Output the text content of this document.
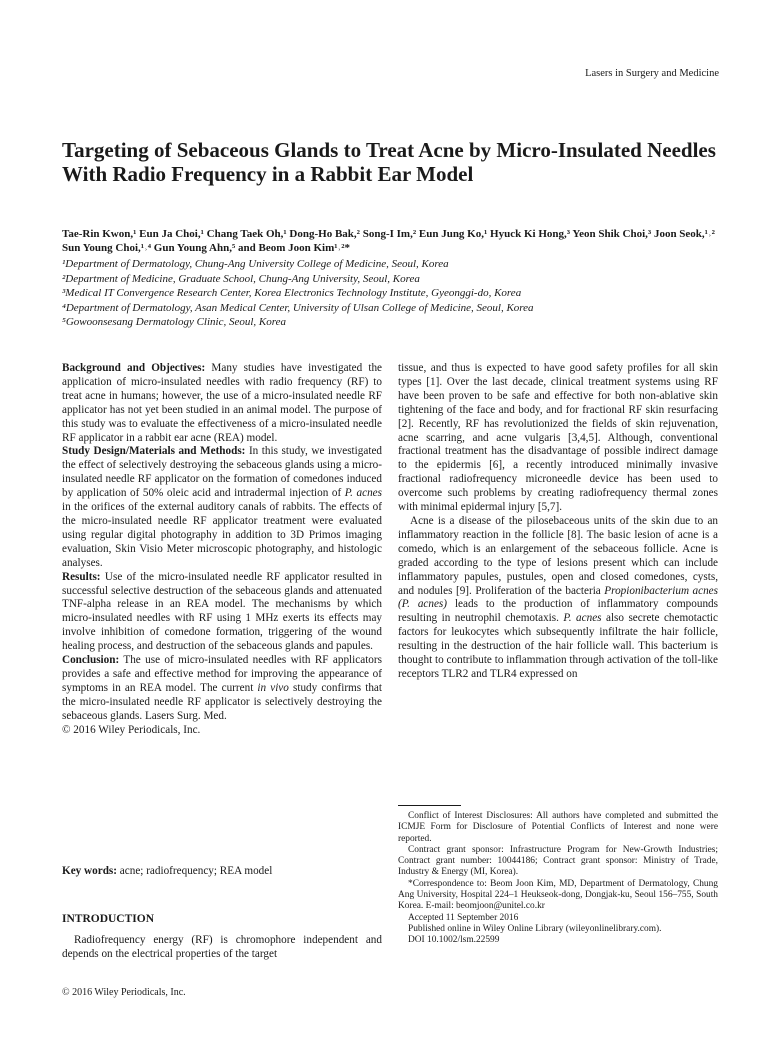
Lasers in Surgery and Medicine
Targeting of Sebaceous Glands to Treat Acne by Micro-Insulated Needles With Radio Frequency in a Rabbit Ear Model
Tae-Rin Kwon,¹ Eun Ja Choi,¹ Chang Taek Oh,¹ Dong-Ho Bak,² Song-I Im,² Eun Jung Ko,¹ Hyuck Ki Hong,³ Yeon Shik Choi,³ Joon Seok,¹˒² Sun Young Choi,¹˒⁴ Gun Young Ahn,⁵ and Beom Joon Kim¹˒²*
¹Department of Dermatology, Chung-Ang University College of Medicine, Seoul, Korea
²Department of Medicine, Graduate School, Chung-Ang University, Seoul, Korea
³Medical IT Convergence Research Center, Korea Electronics Technology Institute, Gyeonggi-do, Korea
⁴Department of Dermatology, Asan Medical Center, University of Ulsan College of Medicine, Seoul, Korea
⁵Gowoonsesang Dermatology Clinic, Seoul, Korea

Background and Objectives: Many studies have investigated the application of micro-insulated needles with radio frequency (RF) to treat acne in humans; however, the use of a micro-insulated needle RF applicator has not yet been studied in an animal model. The purpose of this study was to evaluate the effectiveness of a micro-insulated needle RF applicator in a rabbit ear acne (REA) model.

Study Design/Materials and Methods: In this study, we investigated the effect of selectively destroying the sebaceous glands using a micro-insulated needle RF applicator on the formation of comedones induced by application of 50% oleic acid and intradermal injection of P. acnes in the orifices of the external auditory canals of rabbits. The effects of the micro-insulated needle RF applicator treatment were evaluated using regular digital photography in addition to 3D Primos imaging evaluation, Skin Visio Meter microscopic photography, and histologic analyses.

Results: Use of the micro-insulated needle RF applicator resulted in successful selective destruction of the sebaceous glands and attenuated TNF-alpha release in an REA model. The mechanisms by which micro-insulated needles with RF using 1 MHz exerts its effects may involve inhibition of comedone formation, triggering of the wound healing process, and destruction of the sebaceous glands and papules.

Conclusion: The use of micro-insulated needles with RF applicators provides a safe and effective method for improving the appearance of symptoms in an REA model. The current in vivo study confirms that the micro-insulated needle RF applicator is selectively destroying the sebaceous glands. Lasers Surg. Med.

© 2016 Wiley Periodicals, Inc.

Key words: acne; radiofrequency; REA model
INTRODUCTION
Radiofrequency energy (RF) is chromophore independent and depends on the electrical properties of the target

tissue, and thus is expected to have good safety profiles for all skin types [1]. Over the last decade, clinical treatment systems using RF have been proven to be safe and effective for both non-ablative skin tightening of the face and body, and for fractional RF skin resurfacing [2]. Recently, RF has revolutionized the fields of skin rejuvenation, acne scarring, and acne vulgaris [3,4,5]. Although, conventional fractional treatment has the disadvantage of possible indirect damage to the epidermis [6], a recently introduced minimally invasive fractional radiofrequency microneedle device has been used to overcome such problems by creating radiofrequency thermal zones with minimal epidermal injury [5,7].

Acne is a disease of the pilosebaceous units of the skin due to an inflammatory reaction in the follicle [8]. The basic lesion of acne is a comedo, which is an enlargement of the sebaceous follicle. Acne is graded according to the type of lesions present which can include inflammatory papules, pustules, open and closed comedones, cysts, and nodules [9]. Proliferation of the bacteria Propionibacterium acnes (P. acnes) leads to the production of inflammatory compounds resulting in neutrophil chemotaxis. P. acnes also secrete chemotactic factors for leukocytes which subsequently infiltrate the hair follicle, resulting in the destruction of the hair follicle wall. This bacterium is thought to contribute to inflammation through activation of the toll-like receptors TLR2 and TLR4 expressed on

Conflict of Interest Disclosures: All authors have completed and submitted the ICMJE Form for Disclosure of Potential Conflicts of Interest and none were reported.

Contract grant sponsor: Infrastructure Program for New-Growth Industries; Contract grant number: 10044186; Contract grant sponsor: Ministry of Trade, Industry & Energy (MI, Korea).

*Correspondence to: Beom Joon Kim, MD, Department of Dermatology, Chung Ang University, Hospital 224–1 Heukseok-dong, Dongjak-ku, Seoul 156–755, South Korea. E-mail: beomjoon@unitel.co.kr

Accepted 11 September 2016

Published online in Wiley Online Library (wileyonlinelibrary.com).

DOI 10.1002/lsm.22599

© 2016 Wiley Periodicals, Inc.
